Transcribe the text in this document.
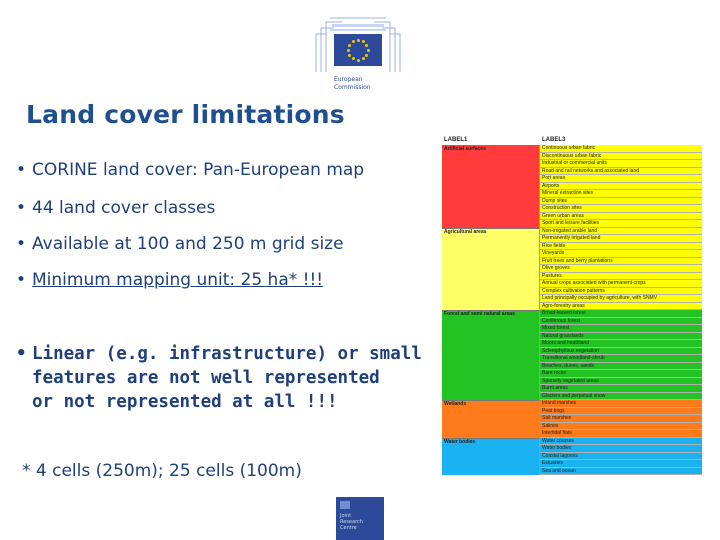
European
Commission
Land cover limitations
• CORINE land cover: Pan-European map
• 44 land cover classes
• Available at 100 and 250 m grid size
• Minimum mapping unit: 25 ha* !!!
• Linear (e.g. infrastructure) or small
features are not well represented
or not represented at all !!!
* 4 cells (250m); 25 cells (100m)
LABEL1	LABEL3
Artificial surfaces	Continuous urban fabric
Discontinuous urban fabric
Industrial or commercial units
Road and rail networks and associated land
Port areas
Airports
Mineral extraction sites
Dump sites
Construction sites
Green urban areas
Sport and leisure facilities
Agricultural areas	Non-irrigated arable land
Permanently irrigated land
Rice fields
Vineyards
Fruit trees and berry plantations
Olive groves
Pastures
Annual crops associated with permanent crops
Complex cultivation patterns
Land principally occupied by agriculture, with SNMV
Agro-forestry areas
Forest and semi natural areas	Broad-leaved forest
Coniferous forest
Mixed forest
Natural grasslands
Moors and heathland
Sclerophyllous vegetation
Transitional woodland-shrub
Beaches, dunes, sands
Bare rocks
Sparsely vegetated areas
Burnt areas
Glaciers and perpetual snow
Wetlands	Inland marshes
Peat bogs
Salt marshes
Salines
Intertidal flats
Water bodies	Water courses
Water bodies
Coastal lagoons
Estuaries
Sea and ocean
Joint
Research
Centre
